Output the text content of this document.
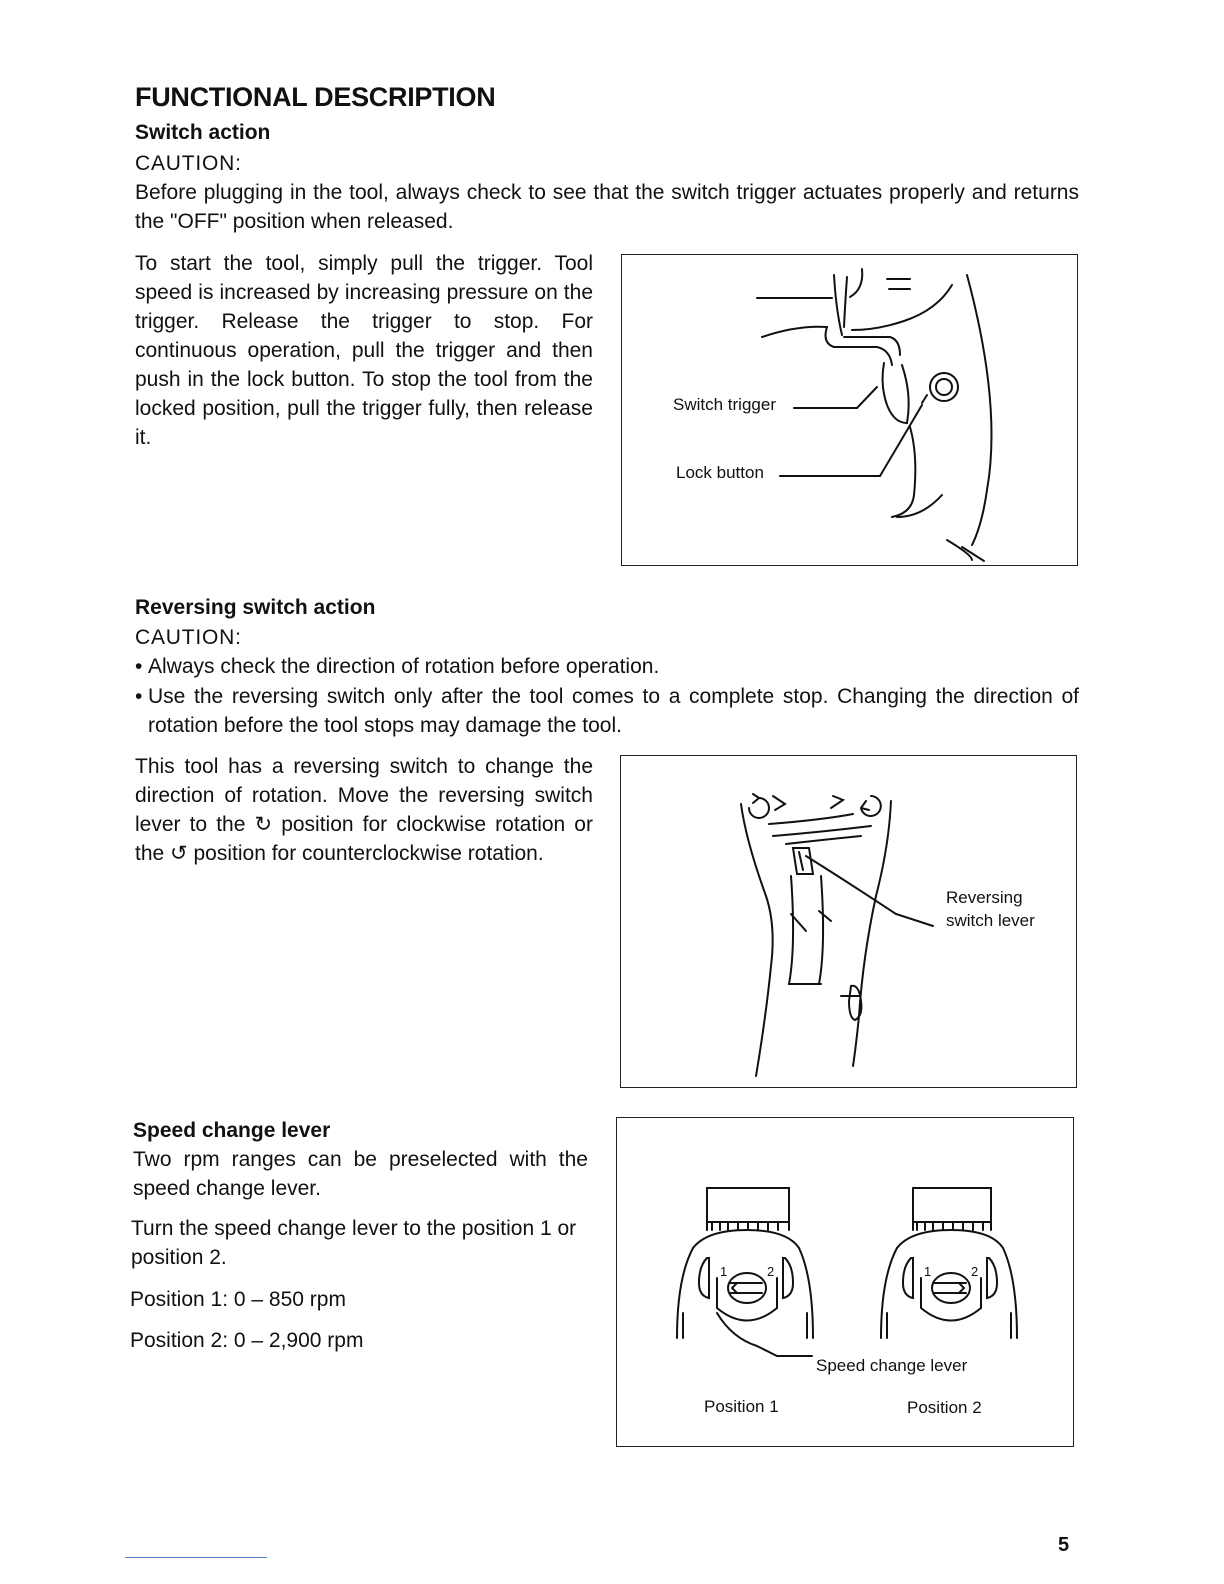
FUNCTIONAL DESCRIPTION
Switch action
CAUTION:

Before plugging in the tool, always check to see that the switch trigger actuates properly and returns the "OFF" position when released.

To start the tool, simply pull the trigger. Tool speed is increased by increasing pressure on the trigger. Release the trigger to stop. For continuous operation, pull the trigger and then push in the lock button. To stop the tool from the locked position, pull the trigger fully, then release it.

Switch trigger
Lock button
Reversing switch action
CAUTION:
• Always check the direction of rotation before operation.
• Use the reversing switch only after the tool comes to a complete stop. Changing the direction of rotation before the tool stops may damage the tool.

This tool has a reversing switch to change the direction of rotation. Move the reversing switch lever to the ↻ position for clockwise rotation or the ↺ position for counterclockwise rotation.

Reversing
switch lever
Speed change lever

Two rpm ranges can be preselected with the speed change lever.

Turn the speed change lever to the position 1 or position 2.

Position 1: 0 – 850 rpm

Position 2: 0 – 2,900 rpm

1	2	1	2
Speed change lever
Position 1	Position 2
5
